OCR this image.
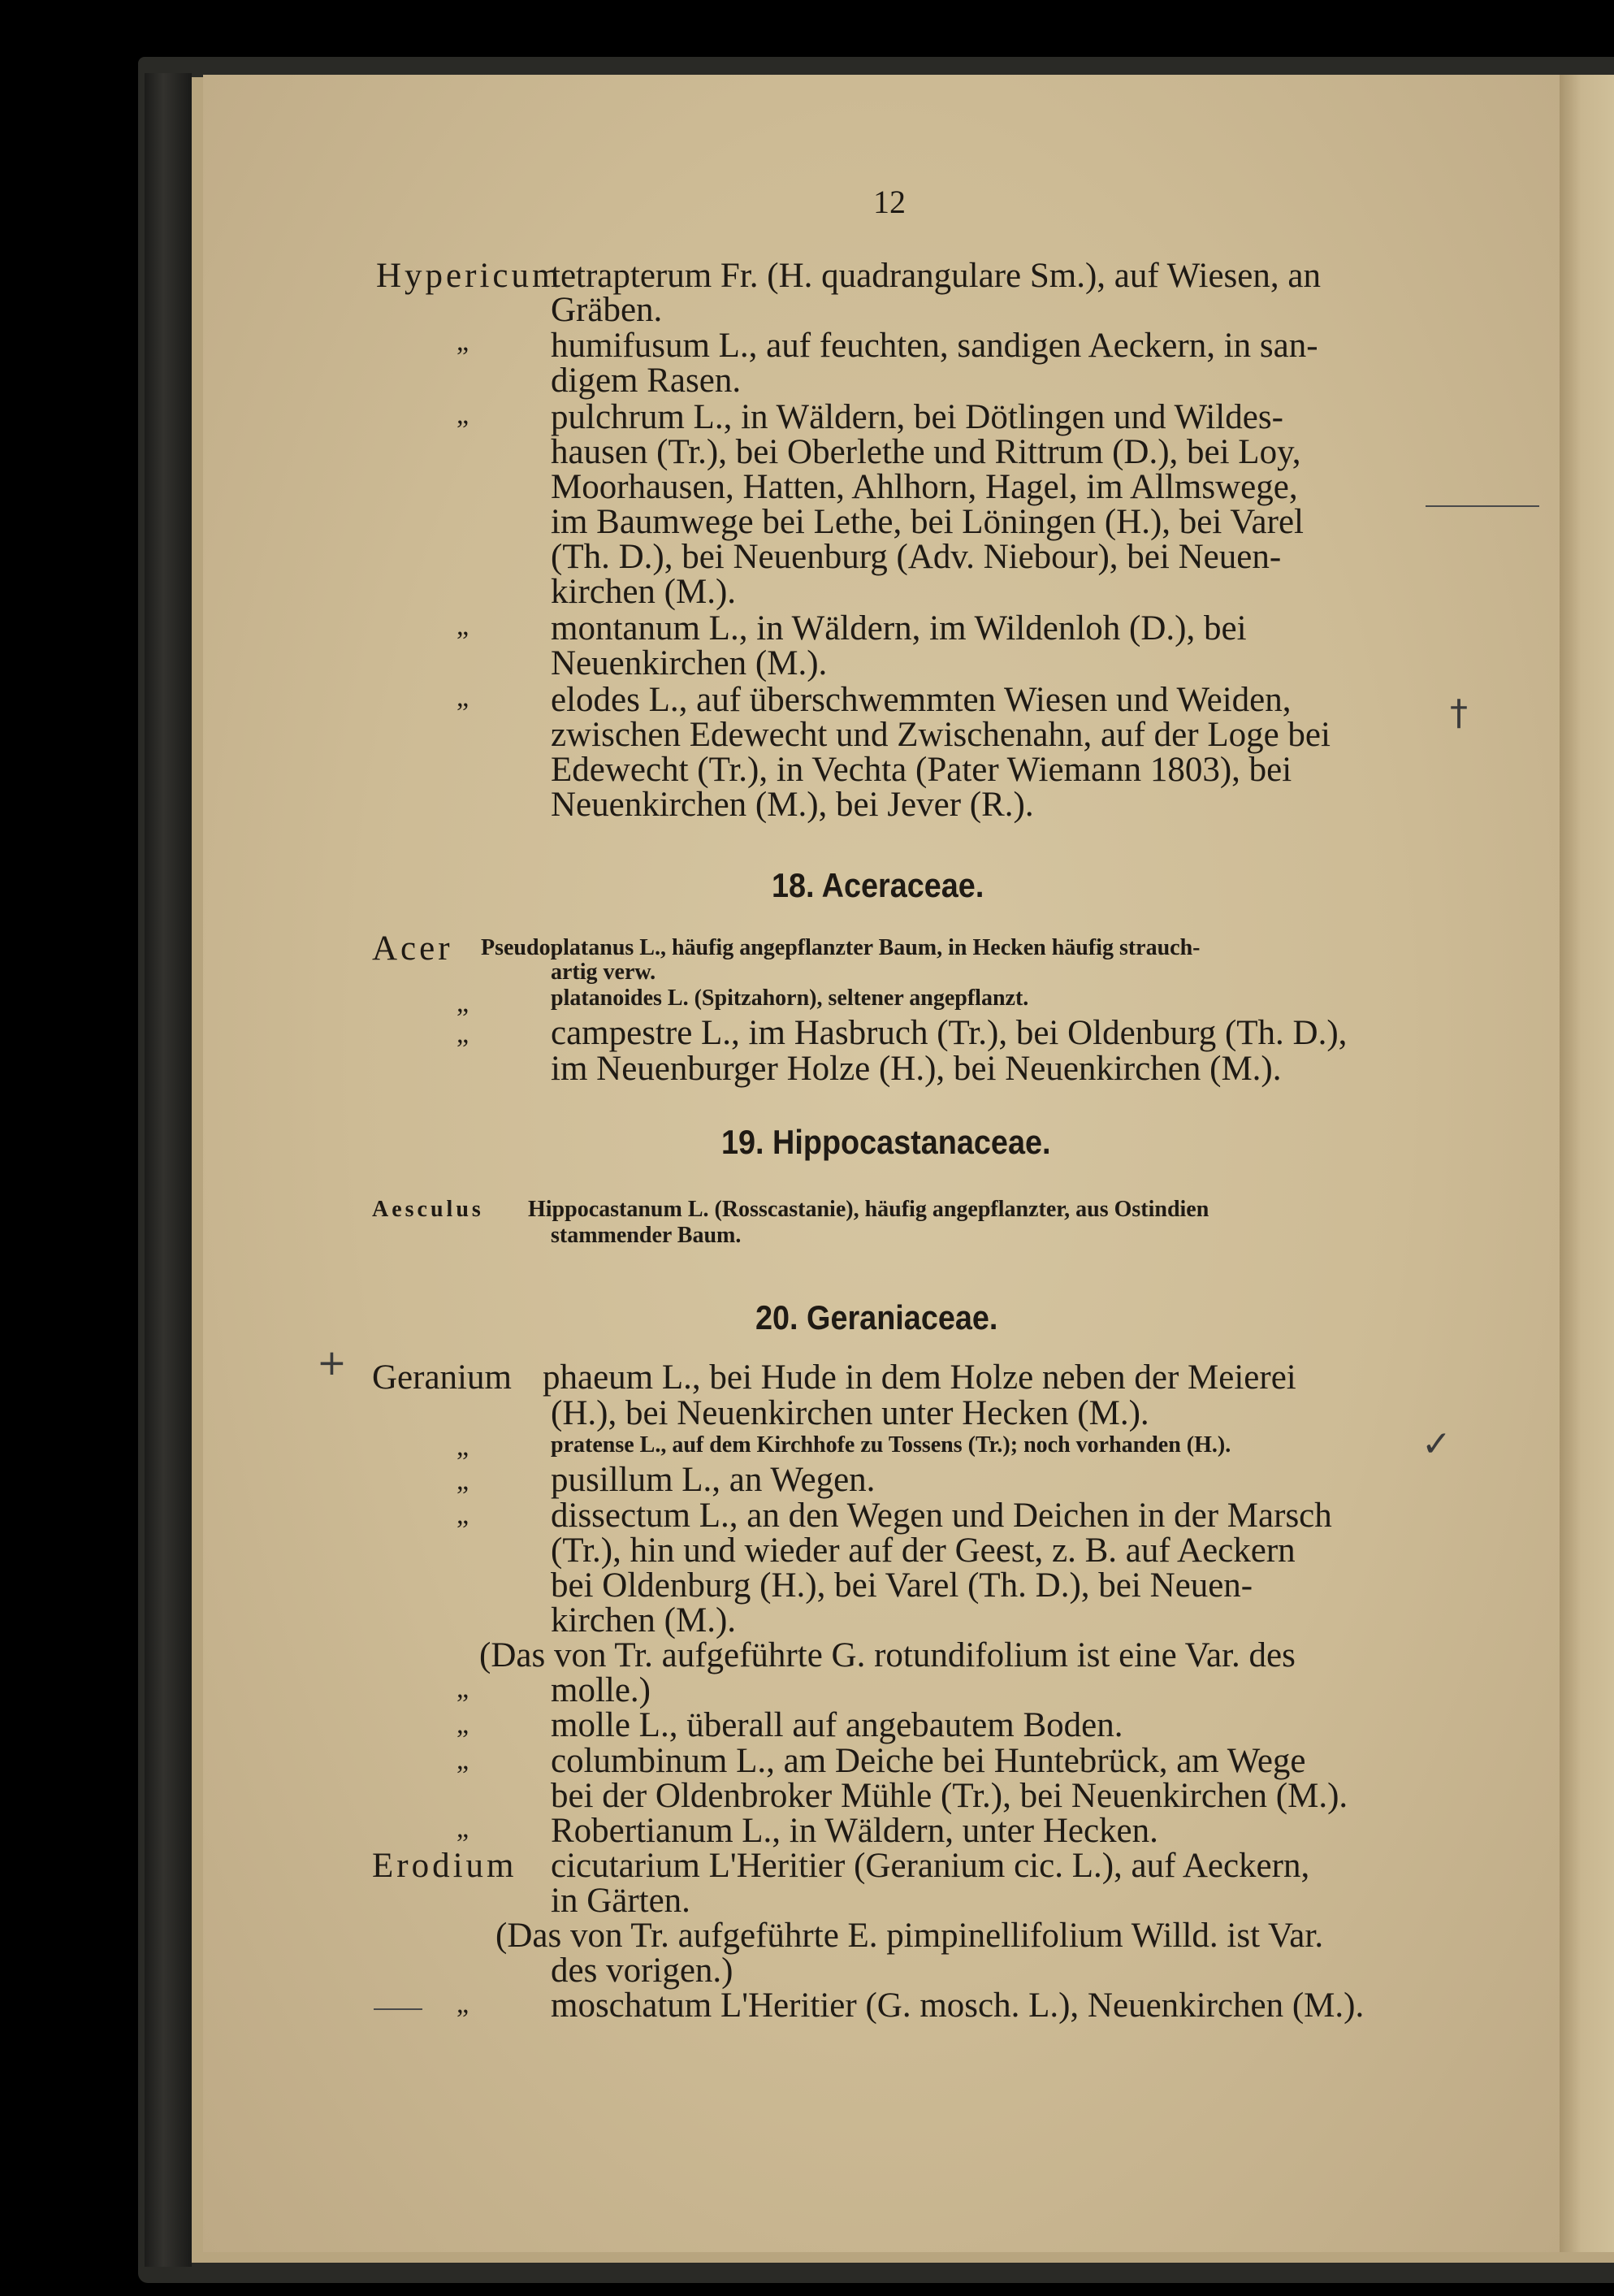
12
Hypericum
tetrapterum Fr. (H. quadrangulare Sm.), auf Wiesen, an
Gräben.
„ humifusum L., auf feuchten, sandigen Aeckern, in san-
digem Rasen.
„ pulchrum L., in Wäldern, bei Dötlingen und Wildes-
hausen (Tr.), bei Oberlethe und Rittrum (D.), bei Loy,
Moorhausen, Hatten, Ahlhorn, Hagel, im Allmswege,
im Baumwege bei Lethe, bei Löningen (H.), bei Varel
(Th. D.), bei Neuenburg (Adv. Niebour), bei Neuen-
kirchen (M.).
„ montanum L., in Wäldern, im Wildenloh (D.), bei
Neuenkirchen (M.).
„ elodes L., auf überschwemmten Wiesen und Weiden,
zwischen Edewecht und Zwischenahn, auf der Loge bei
Edewecht (Tr.), in Vechta (Pater Wiemann 1803), bei
Neuenkirchen (M.), bei Jever (R.).
18. Aceraceae.
Acer Pseudoplatanus L., häufig angepflanzter Baum, in Hecken häufig strauch-
artig verw.
„	platanoides L. (Spitzahorn), seltener angepflanzt.
„ campestre L., im Hasbruch (Tr.), bei Oldenburg (Th. D.),
im Neuenburger Holze (H.), bei Neuenkirchen (M.).
19. Hippocastanaceae.
Aesculus Hippocastanum L. (Rosscastanie), häufig angepflanzter, aus Ostindien
stammender Baum.
20. Geraniaceae.
Geranium phaeum L., bei Hude in dem Holze neben der Meierei
(H.), bei Neuenkirchen unter Hecken (M.).
„	pratense L., auf dem Kirchhofe zu Tossens (Tr.); noch vorhanden (H.).
„ pusillum L., an Wegen.
„ dissectum L., an den Wegen und Deichen in der Marsch
(Tr.), hin und wieder auf der Geest, z. B. auf Aeckern
bei Oldenburg (H.), bei Varel (Th. D.), bei Neuen-
kirchen (M.).
(Das von Tr. aufgeführte G. rotundifolium ist eine Var. des
„ molle.)
„ molle L., überall auf angebautem Boden.
„ columbinum L., am Deiche bei Huntebrück, am Wege
bei der Oldenbroker Mühle (Tr.), bei Neuenkirchen (M.).
„ Robertianum L., in Wäldern, unter Hecken.
Erodium cicutarium L'Heritier (Geranium cic. L.), auf Aeckern,
in Gärten.
(Das von Tr. aufgeführte E. pimpinellifolium Willd. ist Var.
des vorigen.)
„ moschatum L'Heritier (G. mosch. L.), Neuenkirchen (M.).
+
†
✓
